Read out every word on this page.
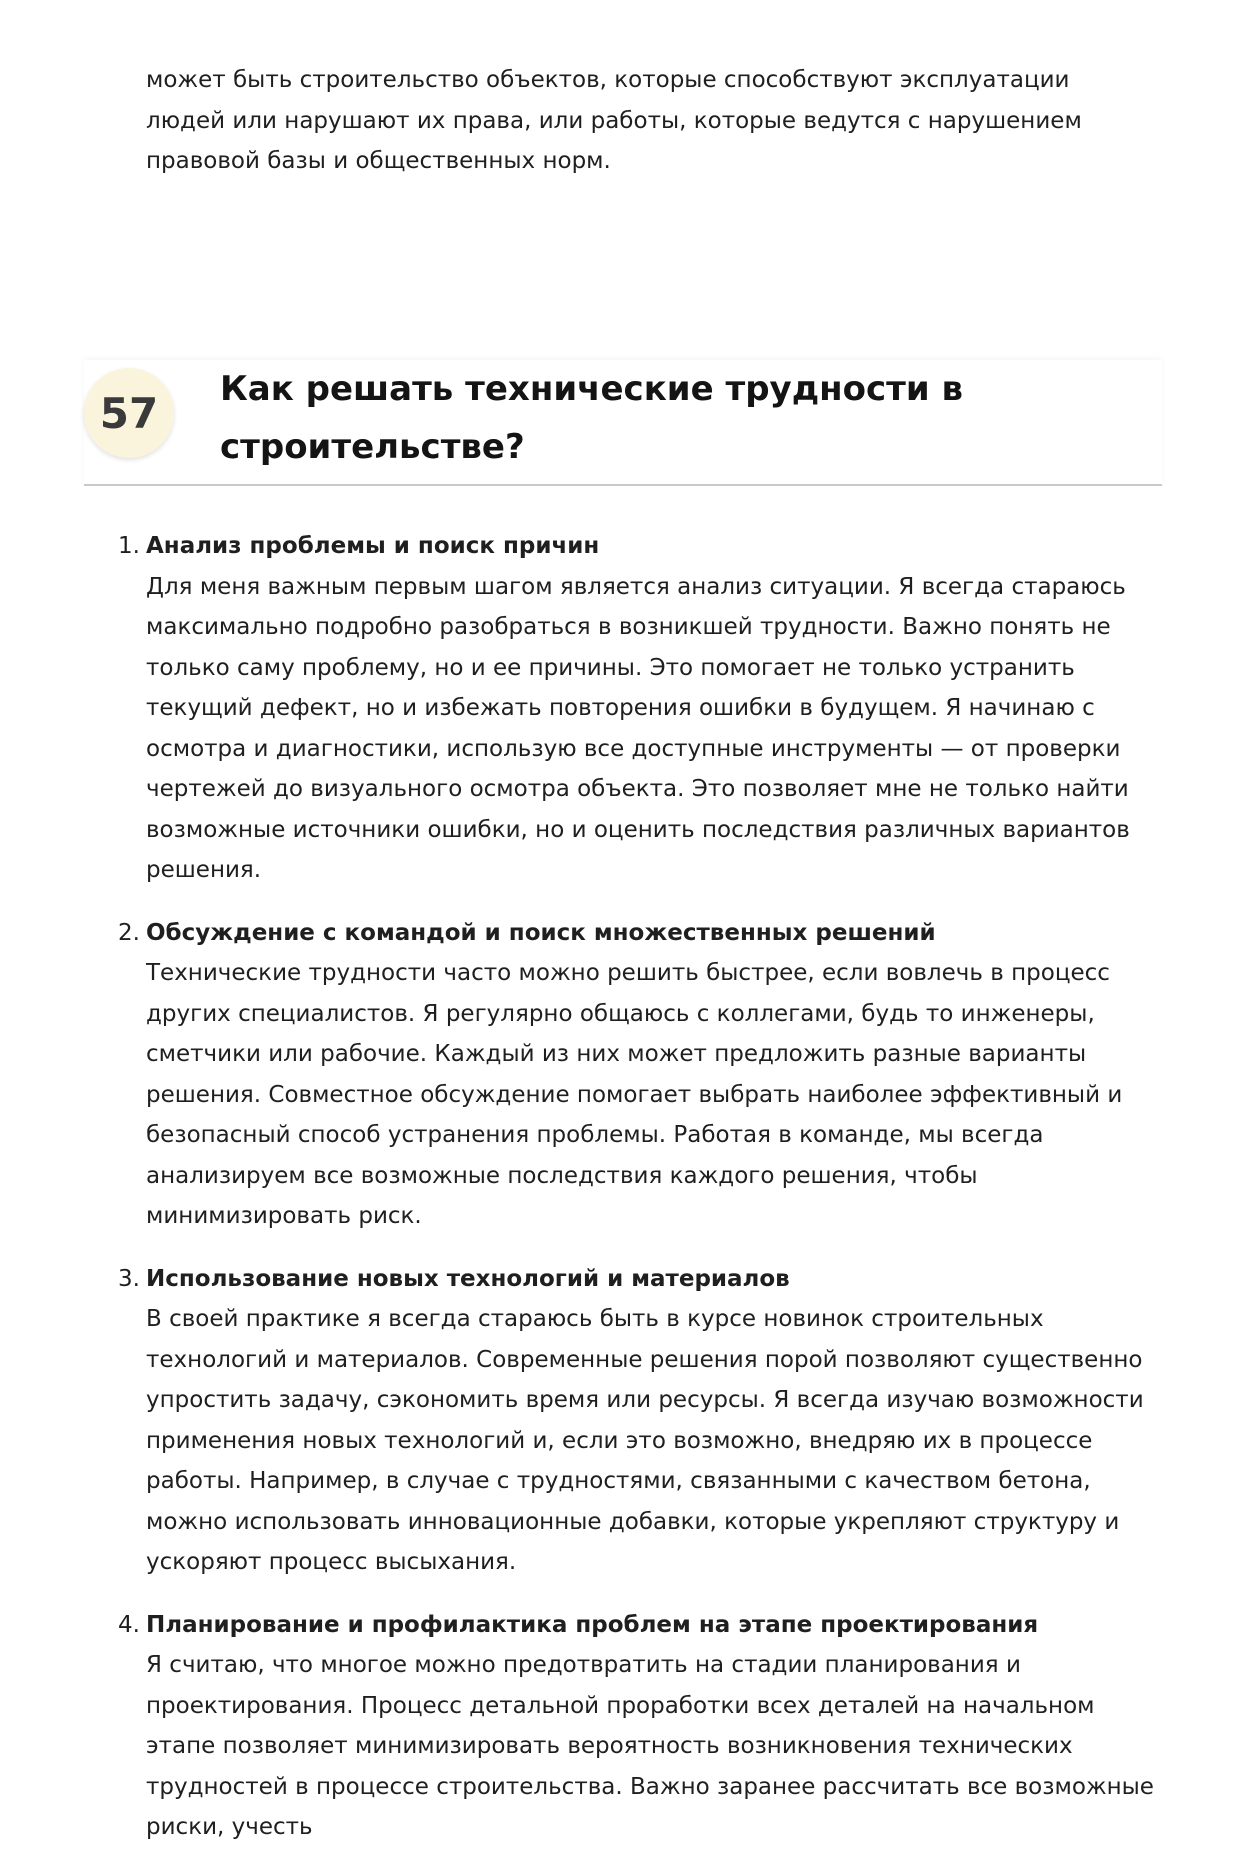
может быть строительство объектов, которые способствуют эксплуатации людей или нарушают их права, или работы, которые ведутся с нарушением правовой базы и общественных норм.

57	Как решать технические трудности в строительстве?
1. Анализ проблемы и поиск причин
Для меня важным первым шагом является анализ ситуации. Я всегда стараюсь максимально подробно разобраться в возникшей трудности. Важно понять не только саму проблему, но и ее причины. Это помогает не только устранить текущий дефект, но и избежать повторения ошибки в будущем. Я начинаю с осмотра и диагностики, использую все доступные инструменты — от проверки чертежей до визуального осмотра объекта. Это позволяет мне не только найти возможные источники ошибки, но и оценить последствия различных вариантов решения.
2. Обсуждение с командой и поиск множественных решений
Технические трудности часто можно решить быстрее, если вовлечь в процесс других специалистов. Я регулярно общаюсь с коллегами, будь то инженеры, сметчики или рабочие. Каждый из них может предложить разные варианты решения. Совместное обсуждение помогает выбрать наиболее эффективный и безопасный способ устранения проблемы. Работая в команде, мы всегда анализируем все возможные последствия каждого решения, чтобы минимизировать риск.
3. Использование новых технологий и материалов
В своей практике я всегда стараюсь быть в курсе новинок строительных технологий и материалов. Современные решения порой позволяют существенно упростить задачу, сэкономить время или ресурсы. Я всегда изучаю возможности применения новых технологий и, если это возможно, внедряю их в процессе работы. Например, в случае с трудностями, связанными с качеством бетона, можно использовать инновационные добавки, которые укрепляют структуру и ускоряют процесс высыхания.
4. Планирование и профилактика проблем на этапе проектирования
Я считаю, что многое можно предотвратить на стадии планирования и проектирования. Процесс детальной проработки всех деталей на начальном этапе позволяет минимизировать вероятность возникновения технических трудностей в процессе строительства. Важно заранее рассчитать все возможные риски, учесть
